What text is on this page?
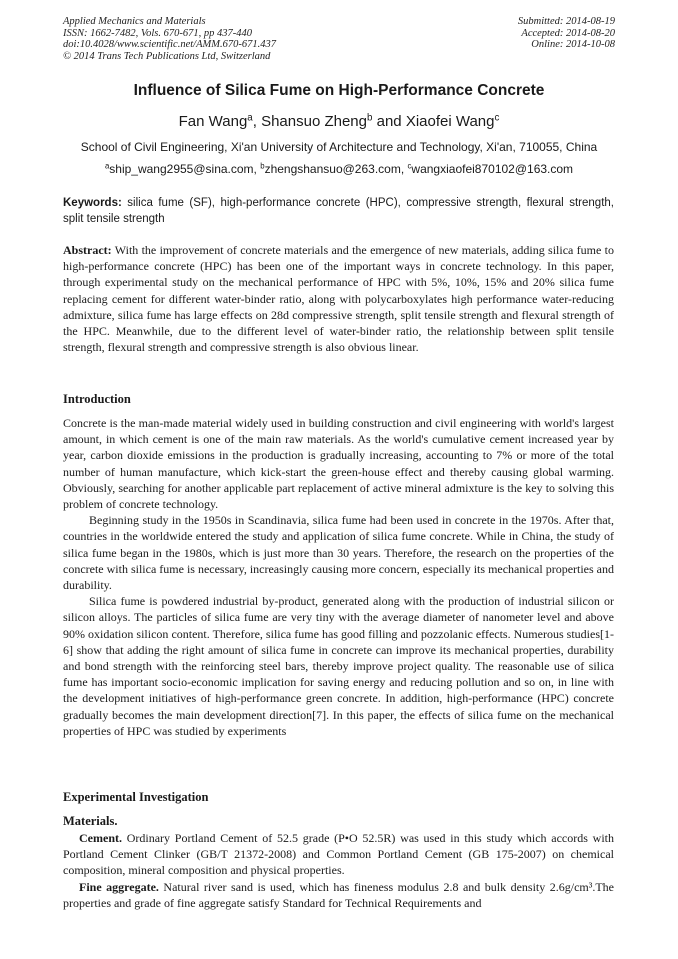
Applied Mechanics and Materials
ISSN: 1662-7482, Vols. 670-671, pp 437-440
doi:10.4028/www.scientific.net/AMM.670-671.437
© 2014 Trans Tech Publications Ltd, Switzerland
Submitted: 2014-08-19
Accepted: 2014-08-20
Online: 2014-10-08
Influence of Silica Fume on High-Performance Concrete
Fan Wang$^a$, Shansuo Zheng$^b$ and Xiaofei Wang$^c$
School of Civil Engineering, Xi'an University of Architecture and Technology, Xi'an, 710055, China
$^a$ship_wang2955@sina.com, $^b$zhengshansuo@263.com, $^c$wangxiaofei870102@163.com
Keywords: silica fume (SF), high-performance concrete (HPC), compressive strength, flexural strength, split tensile strength

Abstract: With the improvement of concrete materials and the emergence of new materials, adding silica fume to high-performance concrete (HPC) has been one of the important ways in concrete technology. In this paper, through experimental study on the mechanical performance of HPC with 5%, 10%, 15% and 20% silica fume replacing cement for different water-binder ratio, along with polycarboxylates high performance water-reducing admixture, silica fume has large effects on 28d compressive strength, split tensile strength and flexural strength of the HPC. Meanwhile, due to the different level of water-binder ratio, the relationship between split tensile strength, flexural strength and compressive strength is also obvious linear.

Introduction

Concrete is the man-made material widely used in building construction and civil engineering with world's largest amount, in which cement is one of the main raw materials. As the world's cumulative cement increased year by year, carbon dioxide emissions in the production is gradually increasing, accounting to 7% or more of the total number of human manufacture, which kick-start the green-house effect and thereby causing global warming. Obviously, searching for another applicable part replacement of active mineral admixture is the key to solving this problem of concrete technology.

Beginning study in the 1950s in Scandinavia, silica fume had been used in concrete in the 1970s. After that, countries in the worldwide entered the study and application of silica fume concrete. While in China, the study of silica fume began in the 1980s, which is just more than 30 years. Therefore, the research on the properties of the concrete with silica fume is necessary, increasingly causing more concern, especially its mechanical properties and durability.

Silica fume is powdered industrial by-product, generated along with the production of industrial silicon or silicon alloys. The particles of silica fume are very tiny with the average diameter of nanometer level and above 90% oxidation silicon content. Therefore, silica fume has good filling and pozzolanic effects. Numerous studies[1-6] show that adding the right amount of silica fume in concrete can improve its mechanical properties, durability and bond strength with the reinforcing steel bars, thereby improve project quality. The reasonable use of silica fume has important socio-economic implication for saving energy and reducing pollution and so on, in line with the development initiatives of high-performance green concrete. In addition, high-performance (HPC) concrete gradually becomes the main development direction[7]. In this paper, the effects of silica fume on the mechanical properties of HPC was studied by experiments

Experimental Investigation
Materials.

Cement. Ordinary Portland Cement of 52.5 grade (P•O 52.5R) was used in this study which accords with Portland Cement Clinker (GB/T 21372-2008) and Common Portland Cement (GB 175-2007) on chemical composition, mineral composition and physical properties.

Fine aggregate. Natural river sand is used, which has fineness modulus 2.8 and bulk density 2.6g/cm³.The properties and grade of fine aggregate satisfy Standard for Technical Requirements and
